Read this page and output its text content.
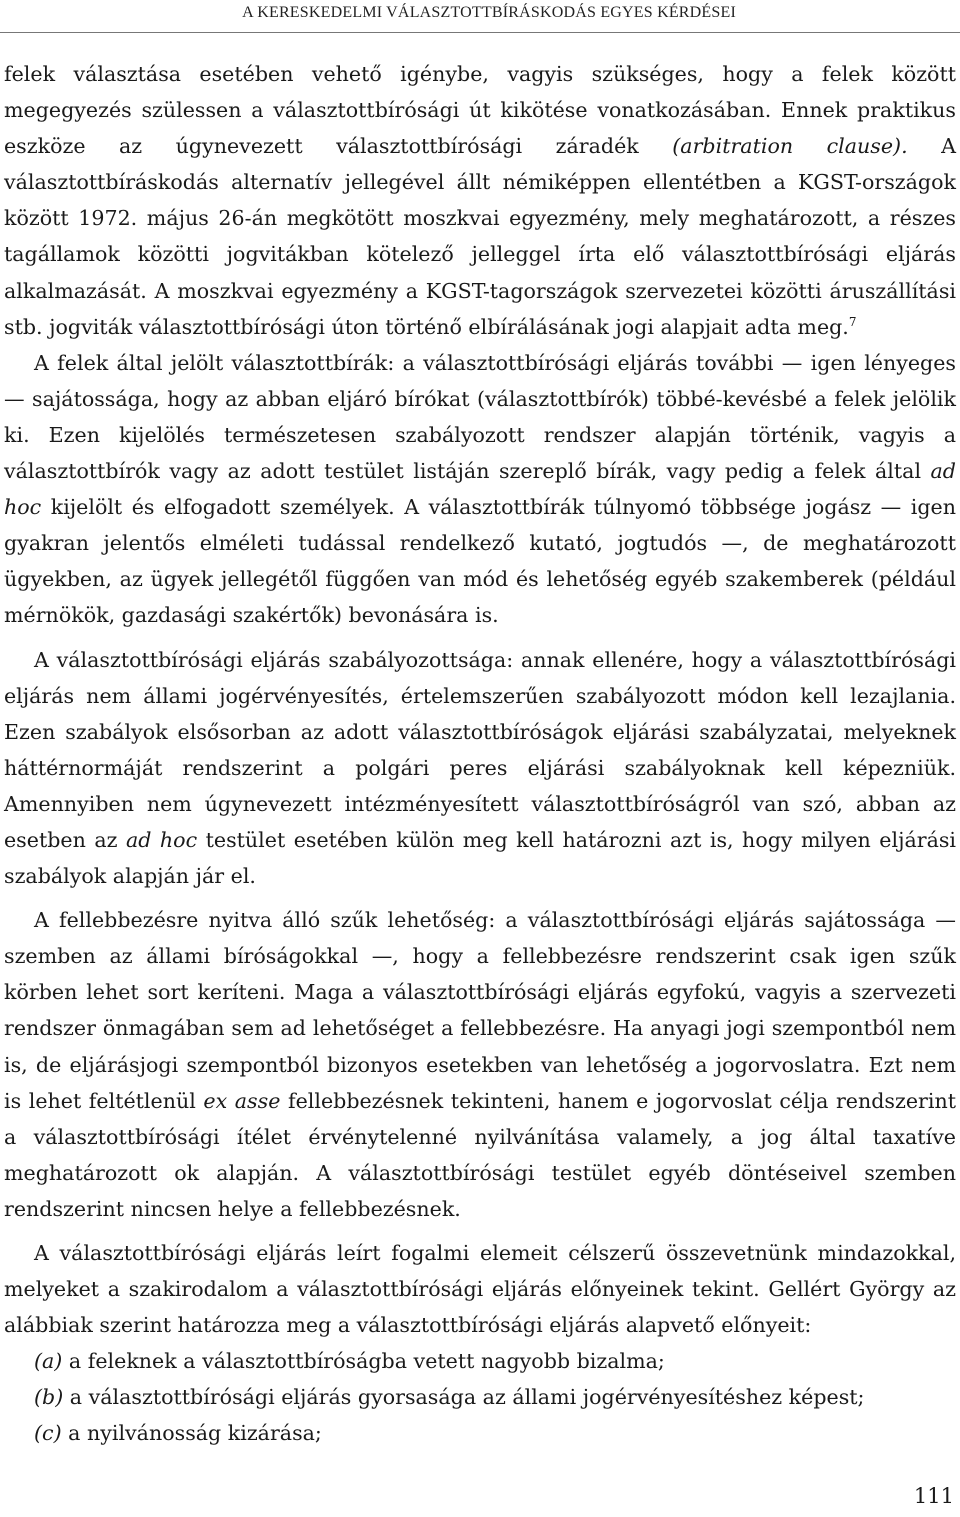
A KERESKEDELMI VÁLASZTOTTBÍRÁSKODÁS EGYES KÉRDÉSEI

felek választása esetében vehető igénybe, vagyis szükséges, hogy a felek között megegyezés szülessen a választottbírósági út kikötése vonatkozásában. Ennek praktikus eszköze az úgynevezett választottbírósági záradék (arbitration clause). A választottbíráskodás alternatív jellegével állt némiképpen ellentétben a KGST-országok között 1972. május 26-án megkötött moszkvai egyezmény, mely meghatározott, a részes tagállamok közötti jogvitákban kötelező jelleggel írta elő választottbírósági eljárás alkalmazását. A moszkvai egyezmény a KGST-tagországok szervezetei közötti áruszállítási stb. jogviták választottbírósági úton történő elbírálásának jogi alapjait adta meg.$^7$

A felek által jelölt választottbírák: a választottbírósági eljárás további — igen lényeges — sajátossága, hogy az abban eljáró bírókat (választottbírók) többé-kevésbé a felek jelölik ki. Ezen kijelölés természetesen szabályozott rendszer alapján történik, vagyis a választottbírók vagy az adott testület listáján szereplő bírák, vagy pedig a felek által ad hoc kijelölt és elfogadott személyek. A választottbírák túlnyomó többsége jogász — igen gyakran jelentős elméleti tudással rendelkező kutató, jogtudós —, de meghatározott ügyekben, az ügyek jellegétől függően van mód és lehetőség egyéb szakemberek (például mérnökök, gazdasági szakértők) bevonására is.

A választottbírósági eljárás szabályozottsága: annak ellenére, hogy a választottbírósági eljárás nem állami jogérvényesítés, értelemszerűen szabályozott módon kell lezajlania. Ezen szabályok elsősorban az adott választottbíróságok eljárási szabályzatai, melyeknek háttérnormáját rendszerint a polgári peres eljárási szabályoknak kell képezniük. Amennyiben nem úgynevezett intézményesített választottbíróságról van szó, abban az esetben az ad hoc testület esetében külön meg kell határozni azt is, hogy milyen eljárási szabályok alapján jár el.

A fellebbezésre nyitva álló szűk lehetőség: a választottbírósági eljárás sajátossága — szemben az állami bíróságokkal —, hogy a fellebbezésre rendszerint csak igen szűk körben lehet sort keríteni. Maga a választottbírósági eljárás egyfokú, vagyis a szervezeti rendszer önmagában sem ad lehetőséget a fellebbezésre. Ha anyagi jogi szempontból nem is, de eljárásjogi szempontból bizonyos esetekben van lehetőség a jogorvoslatra. Ezt nem is lehet feltétlenül ex asse fellebbezésnek tekinteni, hanem e jogorvoslat célja rendszerint a választottbírósági ítélet érvénytelenné nyilvánítása valamely, a jog által taxatíve meghatározott ok alapján. A választottbírósági testület egyéb döntéseivel szemben rendszerint nincsen helye a fellebbezésnek.

A választottbírósági eljárás leírt fogalmi elemeit célszerű összevetnünk mindazokkal, melyeket a szakirodalom a választottbírósági eljárás előnyeinek tekint. Gellért György az alábbiak szerint határozza meg a választottbírósági eljárás alapvető előnyeit:

(a) a feleknek a választottbíróságba vetett nagyobb bizalma;

(b) a választottbírósági eljárás gyorsasága az állami jogérvényesítéshez képest;

(c) a nyilvánosság kizárása;

111
